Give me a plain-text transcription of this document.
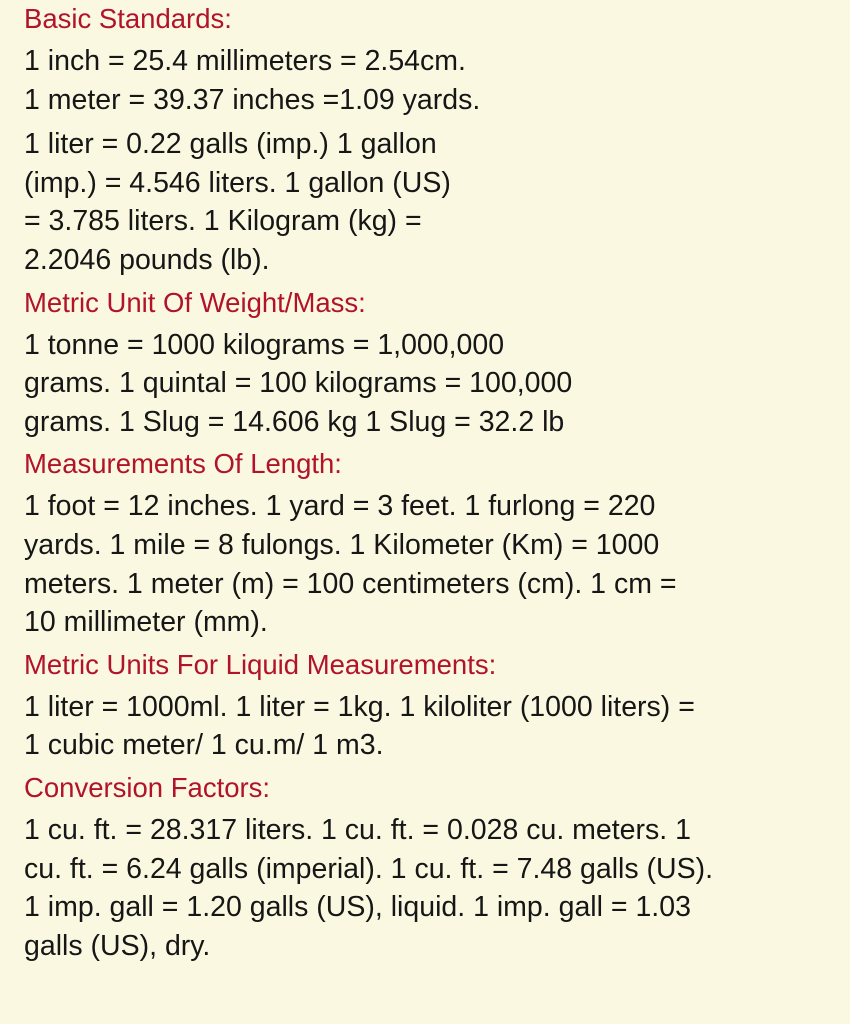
Basic Standards:
1 inch = 25.4 millimeters = 2.54cm.
1 meter = 39.37 inches =1.09 yards.
1 liter = 0.22 galls (imp.) 1 gallon
(imp.) = 4.546 liters. 1 gallon (US)
= 3.785 liters. 1 Kilogram (kg) =
2.2046 pounds (lb).
Metric Unit Of Weight/Mass:
1 tonne = 1000 kilograms = 1,000,000
grams. 1 quintal = 100 kilograms = 100,000
grams. 1 Slug = 14.606 kg 1 Slug = 32.2 lb
Measurements Of Length:
1 foot = 12 inches. 1 yard = 3 feet. 1 furlong = 220
yards. 1 mile = 8 fulongs. 1 Kilometer (Km) = 1000
meters. 1 meter (m) = 100 centimeters (cm). 1 cm =
10 millimeter (mm).
Metric Units For Liquid Measurements:
1 liter = 1000ml. 1 liter = 1kg. 1 kiloliter (1000 liters) =
1 cubic meter/ 1 cu.m/ 1 m3.
Conversion Factors:
1 cu. ft. = 28.317 liters. 1 cu. ft. = 0.028 cu. meters. 1
cu. ft. = 6.24 galls (imperial). 1 cu. ft. = 7.48 galls (US).
1 imp. gall = 1.20 galls (US), liquid. 1 imp. gall = 1.03
galls (US), dry.
